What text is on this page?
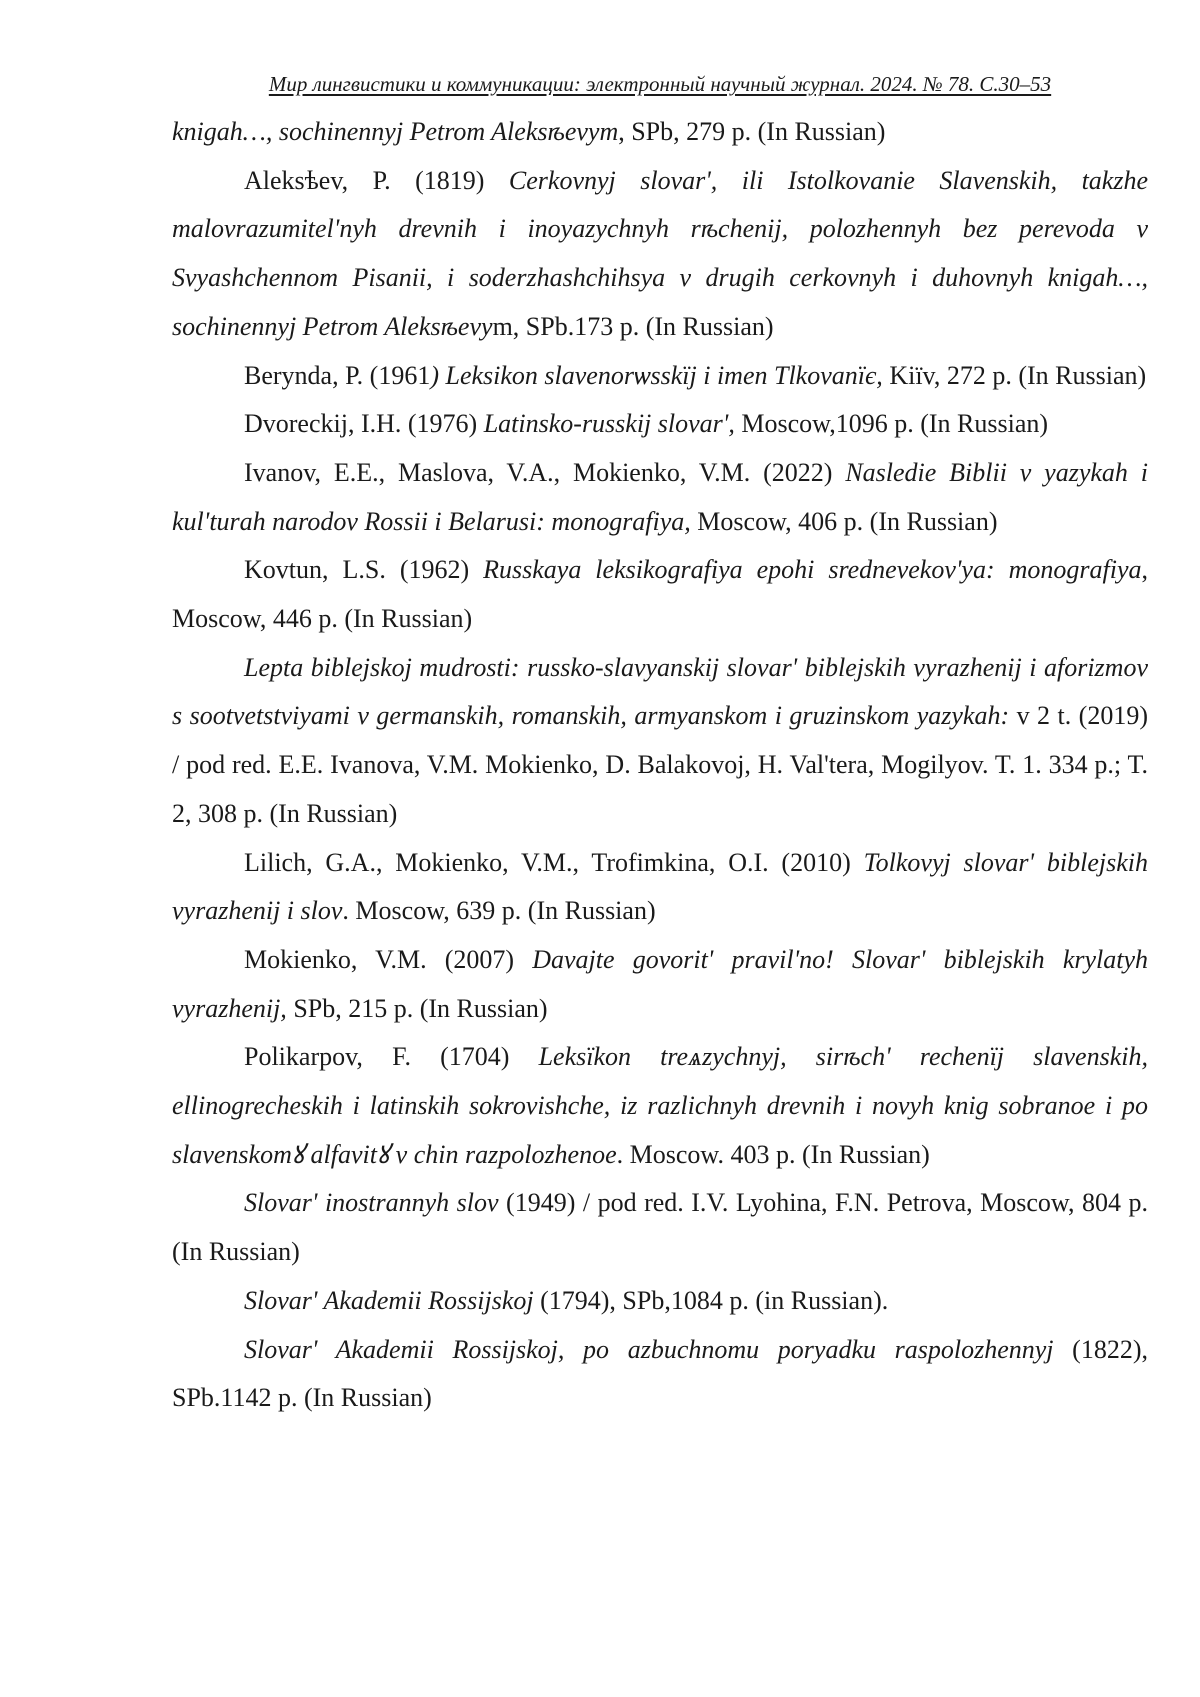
Мир лингвистики и коммуникации: электронный научный журнал. 2024. № 78. С.30–53

knigah…, sochinennyj Petrom Aleksѣevym, SPb, 279 p. (In Russian)

Aleksѣev, P. (1819) Cerkovnyj slovar', ili Istolkovanie Slavenskih, takzhe malovrazumitel'nyh drevnih i inoyazychnyh rѣchenij, polozhennyh bez perevoda v Svyashchennom Pisanii, i soderzhashchihsya v drugih cerkovnyh i duhovnyh knigah…, sochinennyj Petrom Aleksѣevym, SPb.173 p. (In Russian)

Berynda, P. (1961) Leksikon slavenorѡsskїj i imen Tlkovanїє, Kiїv, 272 p. (In Russian)

Dvoreckij, I.H. (1976) Latinsko-russkij slovar', Moscow,1096 p. (In Russian)

Ivanov, E.E., Maslova, V.A., Mokienko, V.M. (2022) Nasledie Biblii v yazykah i kul'turah narodov Rossii i Belarusi: monografiya, Moscow, 406 p. (In Russian)

Kovtun, L.S. (1962) Russkaya leksikografiya epohi srednevekov'ya: monografiya, Moscow, 446 p. (In Russian)

Lepta biblejskoj mudrosti: russko-slavyanskij slovar' biblejskih vyrazhenij i aforizmov s sootvetstviyami v germanskih, romanskih, armyanskom i gruzinskom yazykah: v 2 t. (2019) / pod red. E.E. Ivanova, V.M. Mokienko, D. Balakovoj, H. Val'tera, Mogilyov. T. 1. 334 p.; T. 2, 308 p. (In Russian)

Lilich, G.A., Mokienko, V.M., Trofimkina, O.I. (2010) Tolkovyj slovar' biblejskih vyrazhenij i slov. Moscow, 639 p. (In Russian)

Mokienko, V.M. (2007) Davajte govorit' pravil'no! Slovar' biblejskih krylatyh vyrazhenij, SPb, 215 p. (In Russian)

Polikarpov, F. (1704) Leksїkon treѧzychnyj, sirѣch' rechenїj slavenskih, ellinogrecheskih i latinskih sokrovishche, iz razlichnyh drevnih i novyh knig sobranoe i po slavenskomꙋ alfavitꙋ v chin razpolozhenoe. Moscow. 403 p. (In Russian)

Slovar' inostrannyh slov (1949) / pod red. I.V. Lyohina, F.N. Petrova, Moscow, 804 p. (In Russian)

Slovar' Akademii Rossijskoj (1794), SPb,1084 p. (in Russian).

Slovar' Akademii Rossijskoj, po azbuchnomu poryadku raspolozhennyj (1822), SPb.1142 p. (In Russian)
